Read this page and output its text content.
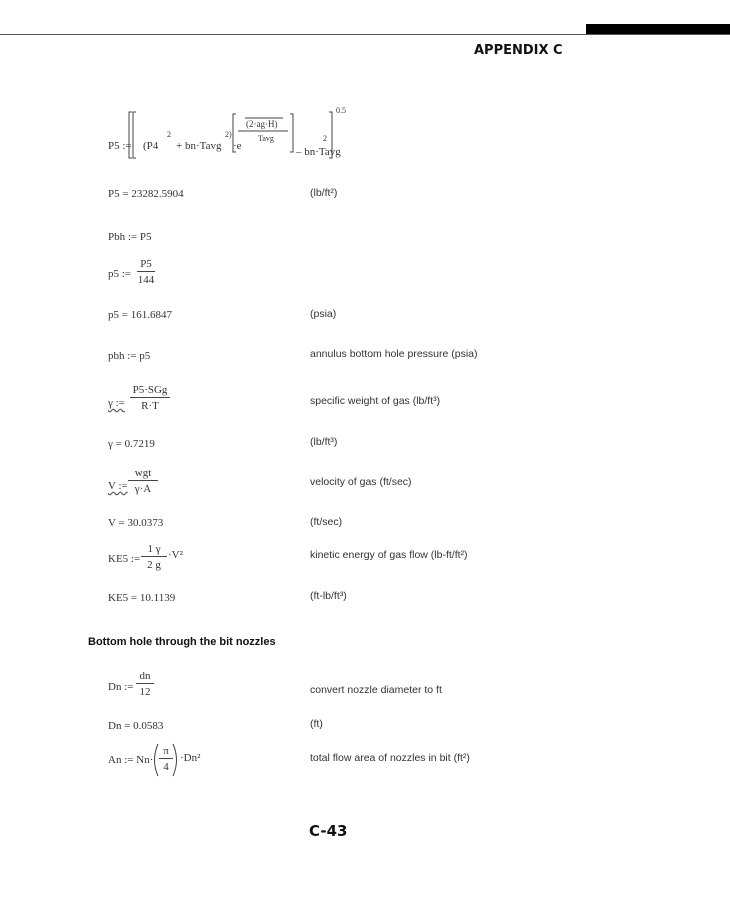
APPENDIX C
P5 := (P4
2
+ bn·Tavg
2)
·e
(2·ag·H)
Tavg
– bn·Tavg
2
0.5
P5 = 23282.5904	(lb/ft²)
Pbh := P5
p5 := $\frac{P5}{144}$
p5 = 161.6847	(psia)
pbh := p5	annulus bottom hole pressure (psia)
γ :=
P5·SGg
R·T	specific weight of gas (lb/ft³)
γ = 0.7219	(lb/ft³)
V :=
wgt
γ·A
velocity of gas (ft/sec)
V = 30.0373	(ft/sec)
KE5 := $\frac{1 \gamma}{2 g} \cdot V^2$	kinetic energy of gas flow (lb-ft/ft²)
KE5 = 10.1139	(ft-lb/ft³)
Bottom hole through the bit nozzles
Dn := $\frac{dn}{12}$	convert nozzle diameter to ft
Dn = 0.0583	(ft)
An := $Nn\cdot \frac{\pi}{4} \cdot Dn^2$	total flow area of nozzles in bit (ft²)
C-43
